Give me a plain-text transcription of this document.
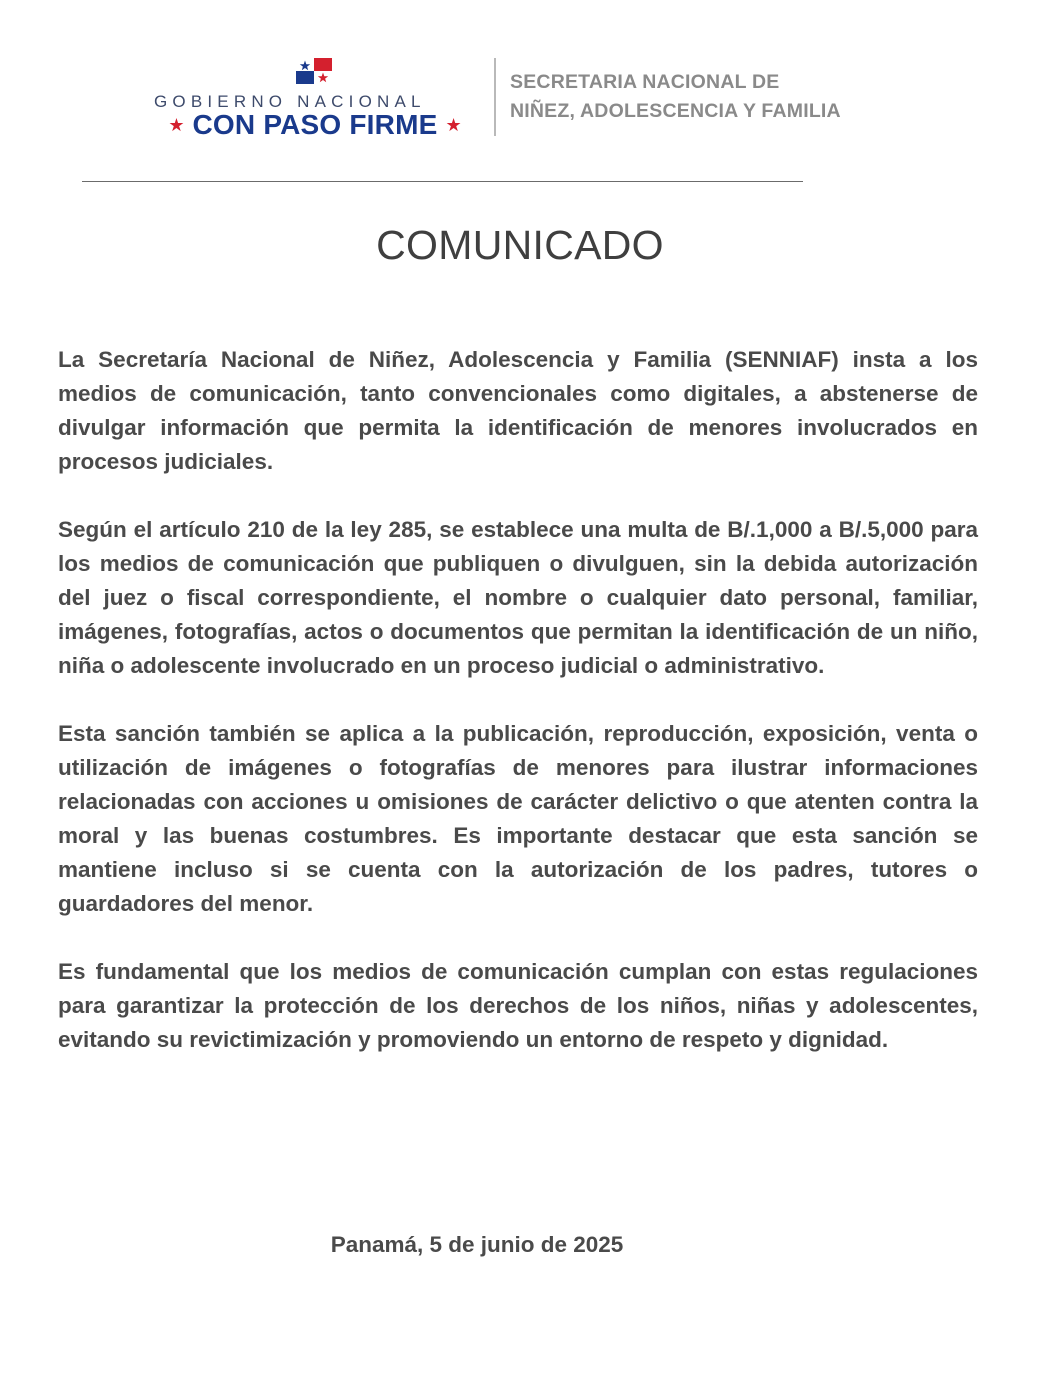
GOBIERNO NACIONAL
★ CON PASO FIRME ★
SECRETARIA NACIONAL DE
NIÑEZ, ADOLESCENCIA Y FAMILIA
COMUNICADO

La Secretaría Nacional de Niñez, Adolescencia y Familia (SENNIAF) insta a los medios de comunicación, tanto convencionales como digitales, a abstenerse de divulgar información que permita la identificación de menores involucrados en procesos judiciales.

Según el artículo 210 de la ley 285, se establece una multa de B/.1,000 a B/.5,000 para los medios de comunicación que publiquen o divulguen, sin la debida autorización del juez o fiscal correspondiente, el nombre o cualquier dato personal, familiar, imágenes, fotografías, actos o documentos que permitan la identificación de un niño, niña o adolescente involucrado en un proceso judicial o administrativo.

Esta sanción también se aplica a la publicación, reproducción, exposición, venta o utilización de imágenes o fotografías de menores para ilustrar informaciones relacionadas con acciones u omisiones de carácter delictivo o que atenten contra la moral y las buenas costumbres. Es importante destacar que esta sanción se mantiene incluso si se cuenta con la autorización de los padres, tutores o guardadores del menor.

Es fundamental que los medios de comunicación cumplan con estas regulaciones para garantizar la protección de los derechos de los niños, niñas y adolescentes, evitando su revictimización y promoviendo un entorno de respeto y dignidad.

Panamá, 5 de junio de 2025
